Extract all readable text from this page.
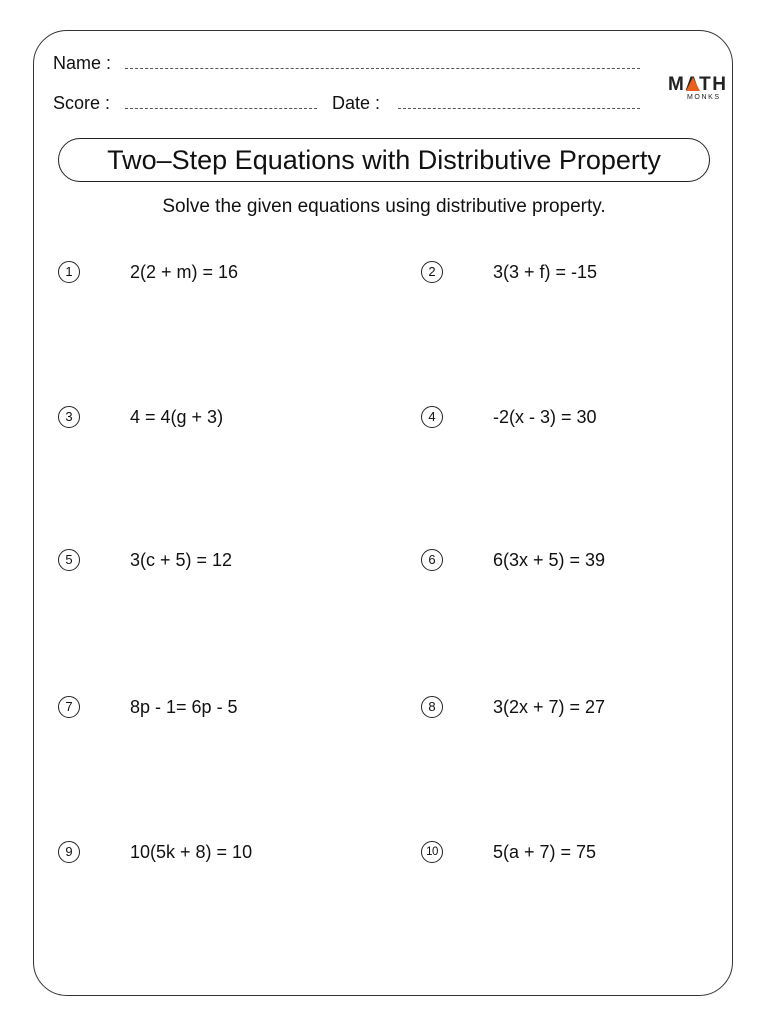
Name :
Score :	Date :
MATH
MONKS
Two–Step Equations with Distributive Property
Solve the given equations using distributive property.
1	2(2 + m) = 16	2	3(3 + f) = -15
3	4 = 4(g + 3)	4	-2(x - 3) = 30
5	3(c + 5) = 12	6	6(3x + 5) = 39
7	8p - 1= 6p - 5	8	3(2x + 7) = 27
9	10(5k + 8) = 10	10	5(a + 7) = 75
